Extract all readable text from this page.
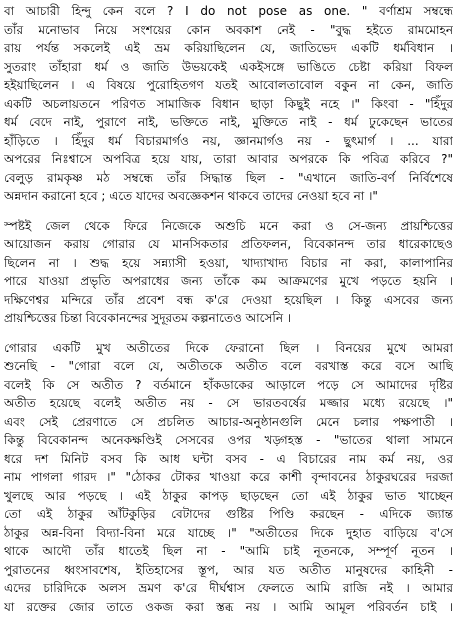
বা আচারী হিন্দু কেন বলে ? I do not pose as one. " বর্ণাশ্রম সম্বন্ধে
তাঁর মনোভাব নিয়ে সংশয়ের কোন অবকাশ নেই - "বুদ্ধ হইতে রামমোহন
রায় পর্যন্ত সকলেই এই ভ্রম করিয়াছিলেন যে, জাতিভেদ একটি ধর্মবিধান ।
সুতরাং তাঁহারা ধর্ম ও জাতি উভয়কেই একইসঙ্গে ভাঙিতে চেষ্টা করিয়া বিফল
হইয়াছিলেন । এ বিষয়ে পুরোহিতগণ যতই আবোলতাবোল বকুন না কেন, জাতি
একটি অচলায়তনে পরিণত সামাজিক বিধান ছাড়া কিছুই নহে ।" কিংবা - "হিঁদুর
ধর্ম বেদে নাই, পুরাণে নাই, ভক্তিতে নাই, মুক্তিতে নাই - ধর্ম ঢুকেছেন ভাতের
হাঁড়িতে । হিঁদুর ধর্ম বিচারমার্গও নয়, জ্ঞানমার্গও নয় - ছুৎমার্গ । ... যারা
অপরের নিঃশ্বাসে অপবিত্র হয়ে যায়, তারা আবার অপরকে কি পবিত্র করিবে ?"
বেলুড় রামকৃষ্ণ মঠ সম্বন্ধে তাঁর সিদ্ধান্ত ছিল - "এখানে জাতি-বর্ণ নির্বিশেষে
অন্নদান করানো হবে ; এতে যাদের অবজ্ঞেকশন থাকবে তাদের নেওয়া হবে না ।"
স্পষ্টই জেল থেকে ফিরে নিজেকে অশুচি মনে করা ও সে-জন্য প্রায়শ্চিত্তের
আয়োজন করায় গোরার যে মানসিকতার প্রতিফলন, বিবেকানন্দ তার ধারেকাছেও
ছিলেন না । শুদ্ধ হয়ে সন্ন্যাসী হওয়া, খাদ্যাখাদ্য বিচার না করা, কালাপানির
পারে যাওয়া প্রভৃতি অপরাধের জন্য তাঁকে কম আক্রমণের মুখে পড়তে হয়নি ।
দক্ষিণেশ্বর মন্দিরে তাঁর প্রবেশ বন্ধ ক'রে দেওয়া হয়েছিল । কিন্তু এসবের জন্য
প্রায়শ্চিত্তের চিন্তা বিবেকানন্দের সুদূরতম কল্পনাতেও আসেনি ।
গোরার একটি মুখ অতীতের দিকে ফেরানো ছিল । বিনয়ের মুখে আমরা
শুনেছি - "গোরা বলে যে, অতীতকে অতীত বলে বরখাস্ত করে বসে আছি
বলেই কি সে অতীত ? বর্তমানে হাঁকডাকের আড়ালে পড়ে সে আমাদের দৃষ্টির
অতীত হয়েছে বলেই অতীত নয় - সে ভারতবর্ষের মজ্জার মধ্যে রয়েছে ।"
এবং সেই প্রেরণাতে সে প্রচলিত আচার-অনুষ্ঠানগুলি মেনে চলার পক্ষপাতী ।
কিন্তু বিবেকানন্দ অনেকক্ষণ্ডিই সেসবের ওপর খড়্গহস্ত - "ভাতের থালা সামনে
ধরে দশ মিনিট বসব কি আধ ঘন্টা বসব - এ বিচারের নাম কর্ম নয়, ওর
নাম পাগলা গারদ ।" "ঠোকর টোকর খাওয়া করে কাশী বৃন্দাবনের ঠাকুরঘরের দরজা
খুলছে আর পড়ছে । এই ঠাকুর কাপড় ছাড়ছেন তো এই ঠাকুর ভাত খাচ্ছেন
তো এই ঠাকুর আঁটকুড়ির বেটাদের গুষ্টির পিণ্ডি করছেন - এদিকে জ্যান্ত
ঠাকুর অন্ন-বিনা বিদ্যা-বিনা মরে যাচ্ছে ।" "অতীতের দিকে দুহাত বাড়িয়ে ব'সে
থাকে আদৌ তাঁর ধাতেই ছিল না - "আমি চাই নূতনকে, সম্পূর্ণ নূতন ।
পুরাতনের ধ্বংসাবশেষ, ইতিহাসের স্তূপ, আর যত অতীত মানুষদের কাহিনী -
এদের চারিদিকে অলস ভ্রমণ ক'রে দীর্ঘশ্বাস ফেলতে আমি রাজি নই । আমার
যা রক্তের জোর তাতে ওকজ করা স্তব্ধ নয় । আমি আমূল পরিবর্তন চাই ।
